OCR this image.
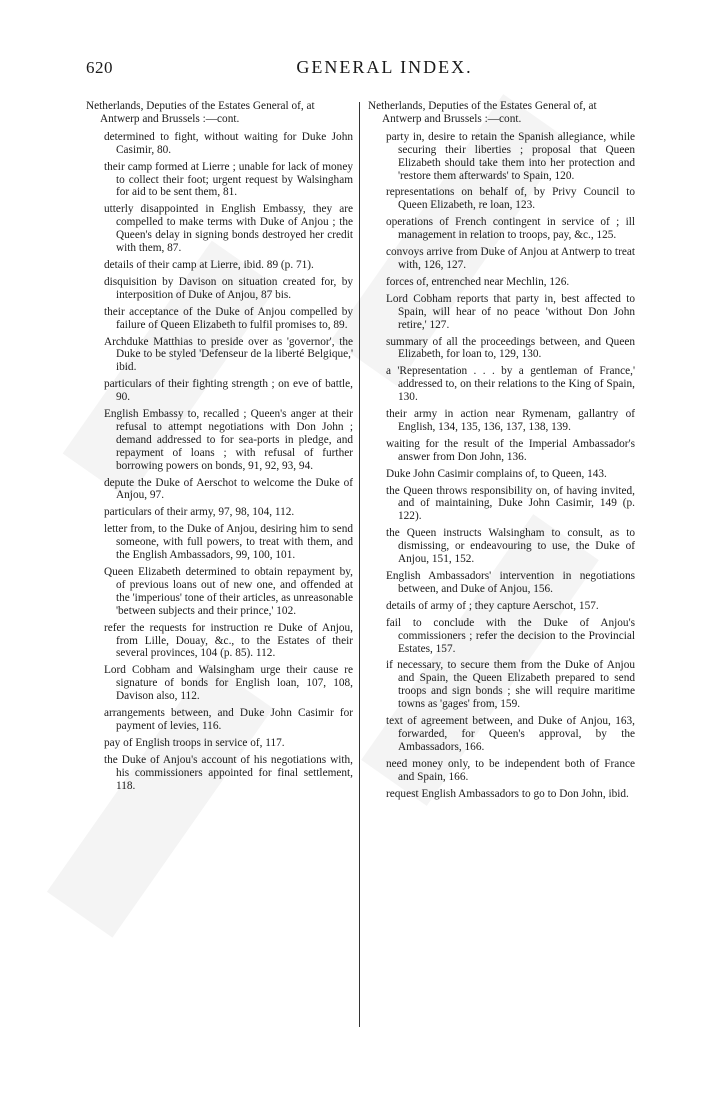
620	GENERAL INDEX.
Netherlands, Deputies of the Estates General of, at Antwerp and Brussels :—cont.

determined to fight, without waiting for Duke John Casimir, 80.

their camp formed at Lierre ; unable for lack of money to collect their foot; urgent request by Walsingham for aid to be sent them, 81.

utterly disappointed in English Embassy, they are compelled to make terms with Duke of Anjou ; the Queen's delay in signing bonds destroyed her credit with them, 87.

details of their camp at Lierre, ibid. 89 (p. 71).

disquisition by Davison on situation created for, by interposition of Duke of Anjou, 87 bis.

their acceptance of the Duke of Anjou compelled by failure of Queen Elizabeth to fulfil promises to, 89.

Archduke Matthias to preside over as 'governor', the Duke to be styled 'Defenseur de la liberté Belgique,' ibid.

particulars of their fighting strength ; on eve of battle, 90.

English Embassy to, recalled ; Queen's anger at their refusal to attempt negotiations with Don John ; demand addressed to for sea-ports in pledge, and repayment of loans ; with refusal of further borrowing powers on bonds, 91, 92, 93, 94.

depute the Duke of Aerschot to welcome the Duke of Anjou, 97.

particulars of their army, 97, 98, 104, 112.

letter from, to the Duke of Anjou, desiring him to send someone, with full powers, to treat with them, and the English Ambassadors, 99, 100, 101.

Queen Elizabeth determined to obtain repayment by, of previous loans out of new one, and offended at the 'imperious' tone of their articles, as unreasonable 'between subjects and their prince,' 102.

refer the requests for instruction re Duke of Anjou, from Lille, Douay, &c., to the Estates of their several provinces, 104 (p. 85). 112.

Lord Cobham and Walsingham urge their cause re signature of bonds for English loan, 107, 108, Davison also, 112.

arrangements between, and Duke John Casimir for payment of levies, 116.

pay of English troops in service of, 117.

the Duke of Anjou's account of his negotiations with, his commissioners appointed for final settlement, 118.

Netherlands, Deputies of the Estates General of, at Antwerp and Brussels :—cont.

party in, desire to retain the Spanish allegiance, while securing their liberties ; proposal that Queen Elizabeth should take them into her protection and 'restore them afterwards' to Spain, 120.

representations on behalf of, by Privy Council to Queen Elizabeth, re loan, 123.

operations of French contingent in service of ; ill management in relation to troops, pay, &c., 125.

convoys arrive from Duke of Anjou at Antwerp to treat with, 126, 127.

forces of, entrenched near Mechlin, 126.

Lord Cobham reports that party in, best affected to Spain, will hear of no peace 'without Don John retire,' 127.

summary of all the proceedings between, and Queen Elizabeth, for loan to, 129, 130.

a 'Representation . . . by a gentleman of France,' addressed to, on their relations to the King of Spain, 130.

their army in action near Rymenam, gallantry of English, 134, 135, 136, 137, 138, 139.

waiting for the result of the Imperial Ambassador's answer from Don John, 136.

Duke John Casimir complains of, to Queen, 143.

the Queen throws responsibility on, of having invited, and of maintaining, Duke John Casimir, 149 (p. 122).

the Queen instructs Walsingham to consult, as to dismissing, or endeavouring to use, the Duke of Anjou, 151, 152.

English Ambassadors' intervention in negotiations between, and Duke of Anjou, 156.

details of army of ; they capture Aerschot, 157.

fail to conclude with the Duke of Anjou's commissioners ; refer the decision to the Provincial Estates, 157.

if necessary, to secure them from the Duke of Anjou and Spain, the Queen Elizabeth prepared to send troops and sign bonds ; she will require maritime towns as 'gages' from, 159.

text of agreement between, and Duke of Anjou, 163, forwarded, for Queen's approval, by the Ambassadors, 166.

need money only, to be independent both of France and Spain, 166.

request English Ambassadors to go to Don John, ibid.
